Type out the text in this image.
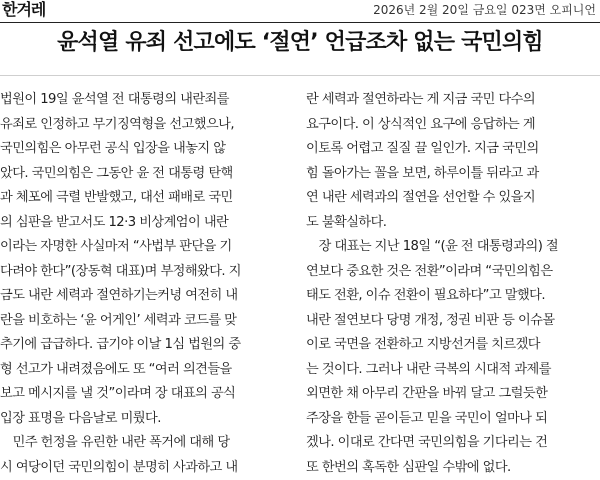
한겨레	2026년 2월 20일 금요일 023면 오피니언
윤석열 유죄 선고에도 ‘절연’ 언급조차 없는 국민의힘
법원이 19일 윤석열 전 대통령의 내란죄를
유죄로 인정하고 무기징역형을 선고했으나,
국민의힘은 아무런 공식 입장을 내놓지 않
았다. 국민의힘은 그동안 윤 전 대통령 탄핵
과 체포에 극렬 반발했고, 대선 패배로 국민
의 심판을 받고서도 12·3 비상계엄이 내란
이라는 자명한 사실마저 “사법부 판단을 기
다려야 한다”(장동혁 대표)며 부정해왔다. 지
금도 내란 세력과 절연하기는커녕 여전히 내
란을 비호하는 ‘윤 어게인’ 세력과 코드를 맞
추기에 급급하다. 급기야 이날 1심 법원의 중
형 선고가 내려졌음에도 또 “여러 의견들을
보고 메시지를 낼 것”이라며 장 대표의 공식
입장 표명을 다음날로 미뤘다.
　민주 헌정을 유린한 내란 폭거에 대해 당
시 여당이던 국민의힘이 분명히 사과하고 내
란 세력과 절연하라는 게 지금 국민 다수의
요구이다. 이 상식적인 요구에 응답하는 게
이토록 어렵고 질질 끌 일인가. 지금 국민의
힘 돌아가는 꼴을 보면, 하루이틀 뒤라고 과
연 내란 세력과의 절연을 선언할 수 있을지
도 불확실하다.
　장 대표는 지난 18일 “(윤 전 대통령과의) 절
연보다 중요한 것은 전환”이라며 “국민의힘은
태도 전환, 이슈 전환이 필요하다”고 말했다.
내란 절연보다 당명 개정, 정권 비판 등 이슈몰
이로 국면을 전환하고 지방선거를 치르겠다
는 것이다. 그러나 내란 극복의 시대적 과제를
외면한 채 아무리 간판을 바꿔 달고 그럴듯한
주장을 한들 곧이듣고 믿을 국민이 얼마나 되
겠나. 이대로 간다면 국민의힘을 기다리는 건
또 한번의 혹독한 심판일 수밖에 없다.
